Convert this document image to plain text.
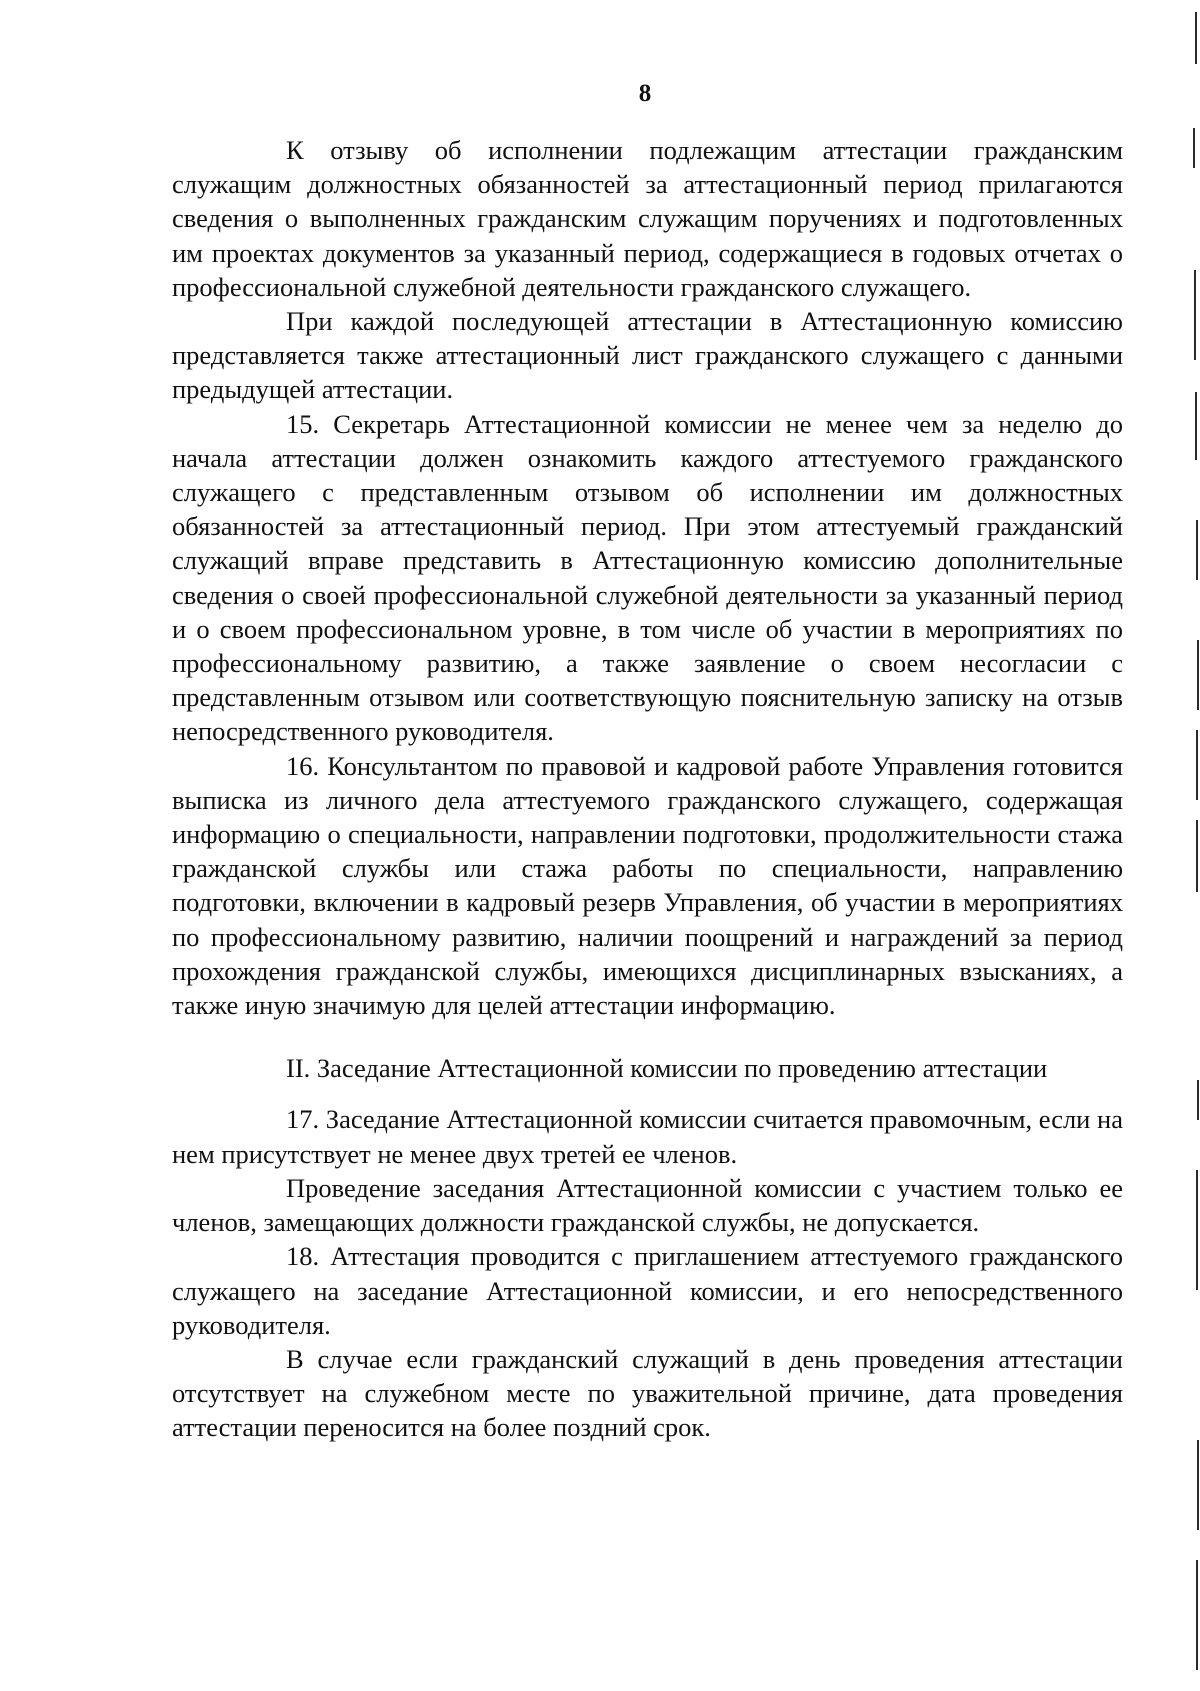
8

К отзыву об исполнении подлежащим аттестации гражданским служащим должностных обязанностей за аттестационный период прилагаются сведения о выполненных гражданским служащим поручениях и подготовленных им проектах документов за указанный период, содержащиеся в годовых отчетах о профессиональной служебной деятельности гражданского служащего.

При каждой последующей аттестации в Аттестационную комиссию представляется также аттестационный лист гражданского служащего с данными предыдущей аттестации.

15. Секретарь Аттестационной комиссии не менее чем за неделю до начала аттестации должен ознакомить каждого аттестуемого гражданского служащего с представленным отзывом об исполнении им должностных обязанностей за аттестационный период. При этом аттестуемый гражданский служащий вправе представить в Аттестационную комиссию дополнительные сведения о своей профессиональной служебной деятельности за указанный период и о своем профессиональном уровне, в том числе об участии в мероприятиях по профессиональному развитию, а также заявление о своем несогласии с представленным отзывом или соответствующую пояснительную записку на отзыв непосредственного руководителя.

16. Консультантом по правовой и кадровой работе Управления готовится выписка из личного дела аттестуемого гражданского служащего, содержащая информацию о специальности, направлении подготовки, продолжительности стажа гражданской службы или стажа работы по специальности, направлению подготовки, включении в кадровый резерв Управления, об участии в мероприятиях по профессиональному развитию, наличии поощрений и награждений за период прохождения гражданской службы, имеющихся дисциплинарных взысканиях, а также иную значимую для целей аттестации информацию.

II. Заседание Аттестационной комиссии по проведению аттестации

17. Заседание Аттестационной комиссии считается правомочным, если на нем присутствует не менее двух третей ее членов.

Проведение заседания Аттестационной комиссии с участием только ее членов, замещающих должности гражданской службы, не допускается.

18. Аттестация проводится с приглашением аттестуемого гражданского служащего на заседание Аттестационной комиссии, и его непосредственного руководителя.

В случае если гражданский служащий в день проведения аттестации отсутствует на служебном месте по уважительной причине, дата проведения аттестации переносится на более поздний срок.
